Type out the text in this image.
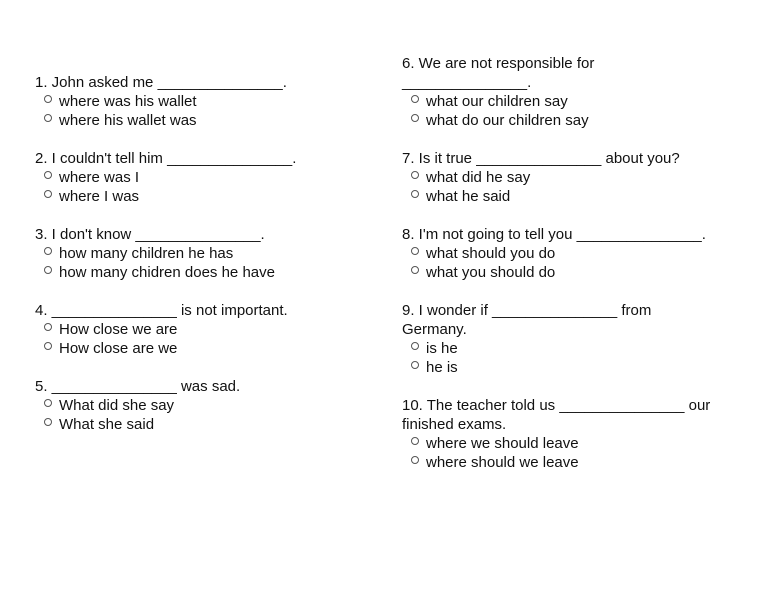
1. John asked me _______________.
where was his wallet
where his wallet was
2. I couldn't tell him _______________.
where was I
where I was
3. I don't know _______________.
how many children he has
how many chidren does he have
4. _______________ is not important.
How close we are
How close are we
5. _______________ was sad.
What did she say
What she said
6. We are not responsible for
_______________.
what our children say
what do our children say
7. Is it true _______________ about you?
what did he say
what he said
8. I'm not going to tell you _______________.
what should you do
what you should do
9. I wonder if _______________ from
Germany.
is he
he is
10. The teacher told us _______________ our
finished exams.
where we should leave
where should we leave
